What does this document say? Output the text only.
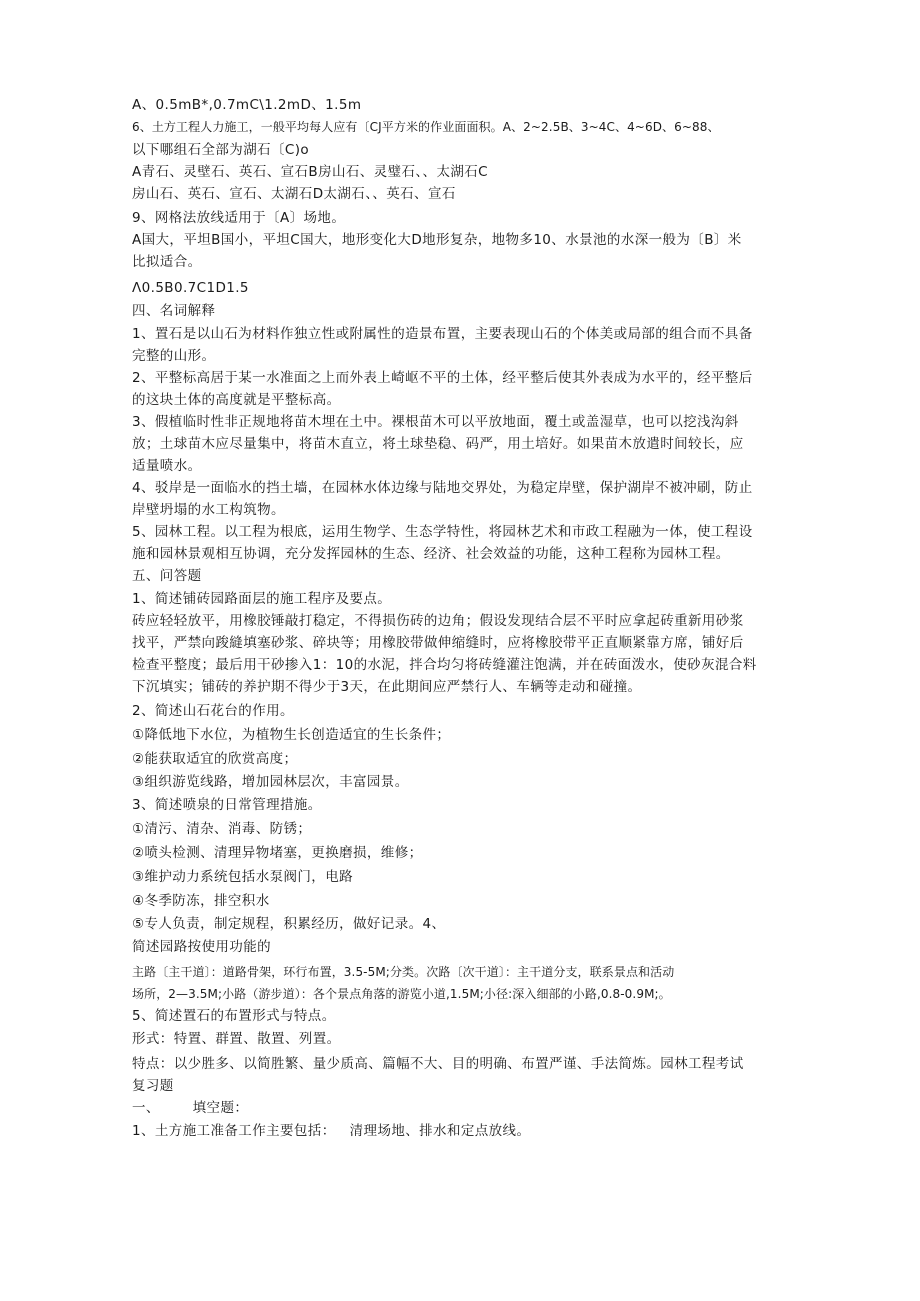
A、0.5mB*,0.7mC\1.2mD、1.5m
6、土方工程人力施工，一般平均每人应有〔CJ平方米的作业面面积。A、2~2.5B、3~4C、4~6D、6~88、
以下哪组石全部为湖石〔C)o
A青石、灵壁石、英石、宣石B房山石、灵璧石、、太湖石C
房山石、英石、宣石、太湖石D太湖石、、英石、宣石
9、网格法放线适用于〔A〕场地。
A国大，平坦B国小，平坦C国大，地形变化大D地形复杂，地物多10、水景池的水深一般为〔B〕米
比拟适合。
Λ0.5B0.7C1D1.5
四、名词解释
1、置石是以山石为材料作独立性或附属性的造景布置，主要表现山石的个体美或局部的组合而不具备
完整的山形。
2、平整标高居于某一水准面之上而外表上崎岖不平的土体，经平整后使其外表成为水平的，经平整后
的这块土体的高度就是平整标高。
3、假植临时性非正规地将苗木埋在土中。裸根苗木可以平放地面，覆土或盖湿草，也可以挖浅沟斜
放；土球苗木应尽量集中，将苗木直立，将土球垫稳、码严，用土培好。如果苗木放遣时间较长，应
适量喷水。
4、驳岸是一面临水的挡土墙，在园林水体边缘与陆地交界处，为稳定岸壁，保护湖岸不被冲刷，防止
岸壁坍塌的水工构筑物。
5、园林工程。以工程为根底，运用生物学、生态学特性，将园林艺术和市政工程融为一体，使工程设
施和园林景观相互协调，充分发挥园林的生态、经济、社会效益的功能，这种工程称为园林工程。
五、问答题
1、简述铺砖园路面层的施工程序及要点。
砖应轻轻放平，用橡胶锤敲打稳定，不得损伤砖的边角；假设发现结合层不平时应拿起砖重新用砂浆
找平，严禁向踆縫填塞砂浆、碎块等；用橡胶带做伸缩缝时，应将橡胶带平正直顺紧靠方席，铺好后
检查平整度；最后用干砂掺入1：10的水泥，拌合均匀将砖缝灌注饱满，并在砖面泼水，使砂灰混合料
下沉填实；铺砖的养护期不得少于3天，在此期间应严禁行人、车辆等走动和碰撞。
2、简述山石花台的作用。
①降低地下水位，为植物生长创造适宜的生长条件；
②能获取适宜的欣赏高度；
③组织游览线路，增加园林层次，丰富园景。
3、简述喷泉的日常管理措施。
①清污、清杂、消毒、防锈；
②喷头检测、清理异物堵塞，更换磨损，维修；
③维护动力系统包括水泵阀门，电路
④冬季防冻，排空积水
⑤专人负责，制定规程，积累经历，做好记录。4、
简述园路按使用功能的
主路〔主干道〕：道路骨架，环行布置，3.5-5M;分类。次路〔次干道〕：主干道分支，联系景点和活动
场所，2—3.5M;小路（游步道）：各个景点角落的游览小道,1.5M;小径:深入细部的小路,0.8-0.9M;。
5、简述置石的布置形式与特点。
形式：特置、群置、散置、列置。
特点：以少胜多、以简胜繁、量少质高、篇幅不大、目的明确、布置严谨、手法简炼。园林工程考试
复习题
一、       填空题：
1、土方施工准备工作主要包括：   清理场地、排水和定点放线。
